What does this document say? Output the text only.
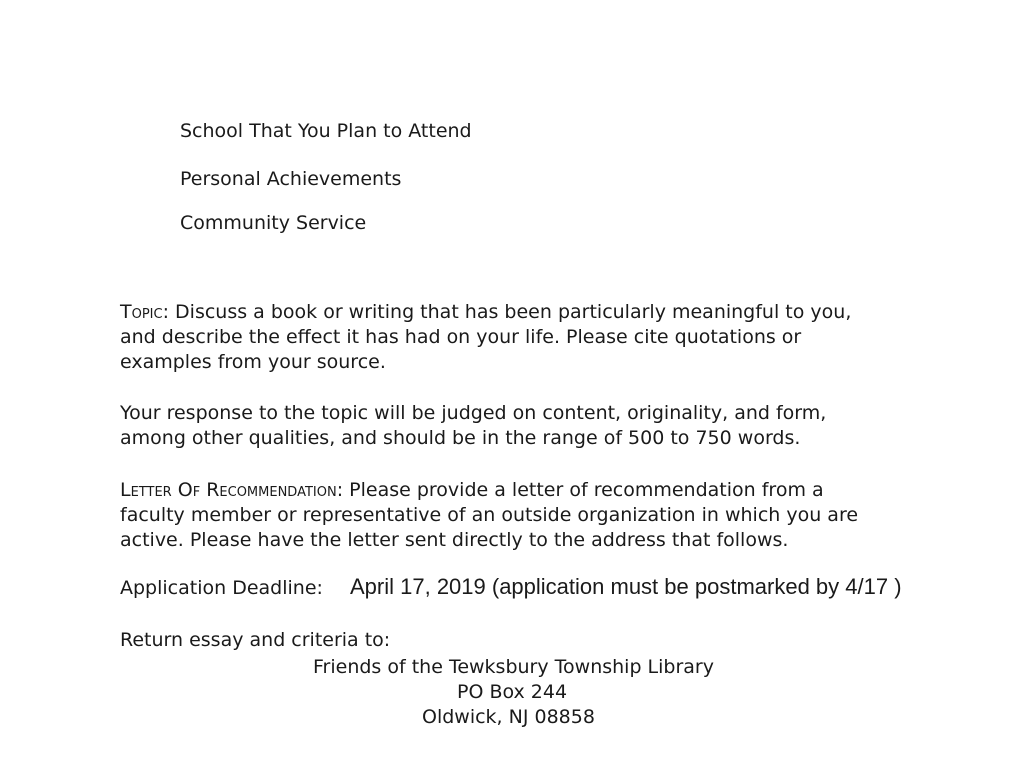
School That You Plan to Attend
Personal Achievements
Community Service
Topic: Discuss a book or writing that has been particularly meaningful to you,
and describe the effect it has had on your life. Please cite quotations or
examples from your source.
Your response to the topic will be judged on content, originality, and form,
among other qualities, and should be in the range of 500 to 750 words.
Letter Of Recommendation: Please provide a letter of recommendation from a
faculty member or representative of an outside organization in which you are
active. Please have the letter sent directly to the address that follows.
Application Deadline: April 17, 2019 (application must be postmarked by 4/17 )
Return essay and criteria to:
Friends of the Tewksbury Township Library
PO Box 244
Oldwick, NJ 08858
